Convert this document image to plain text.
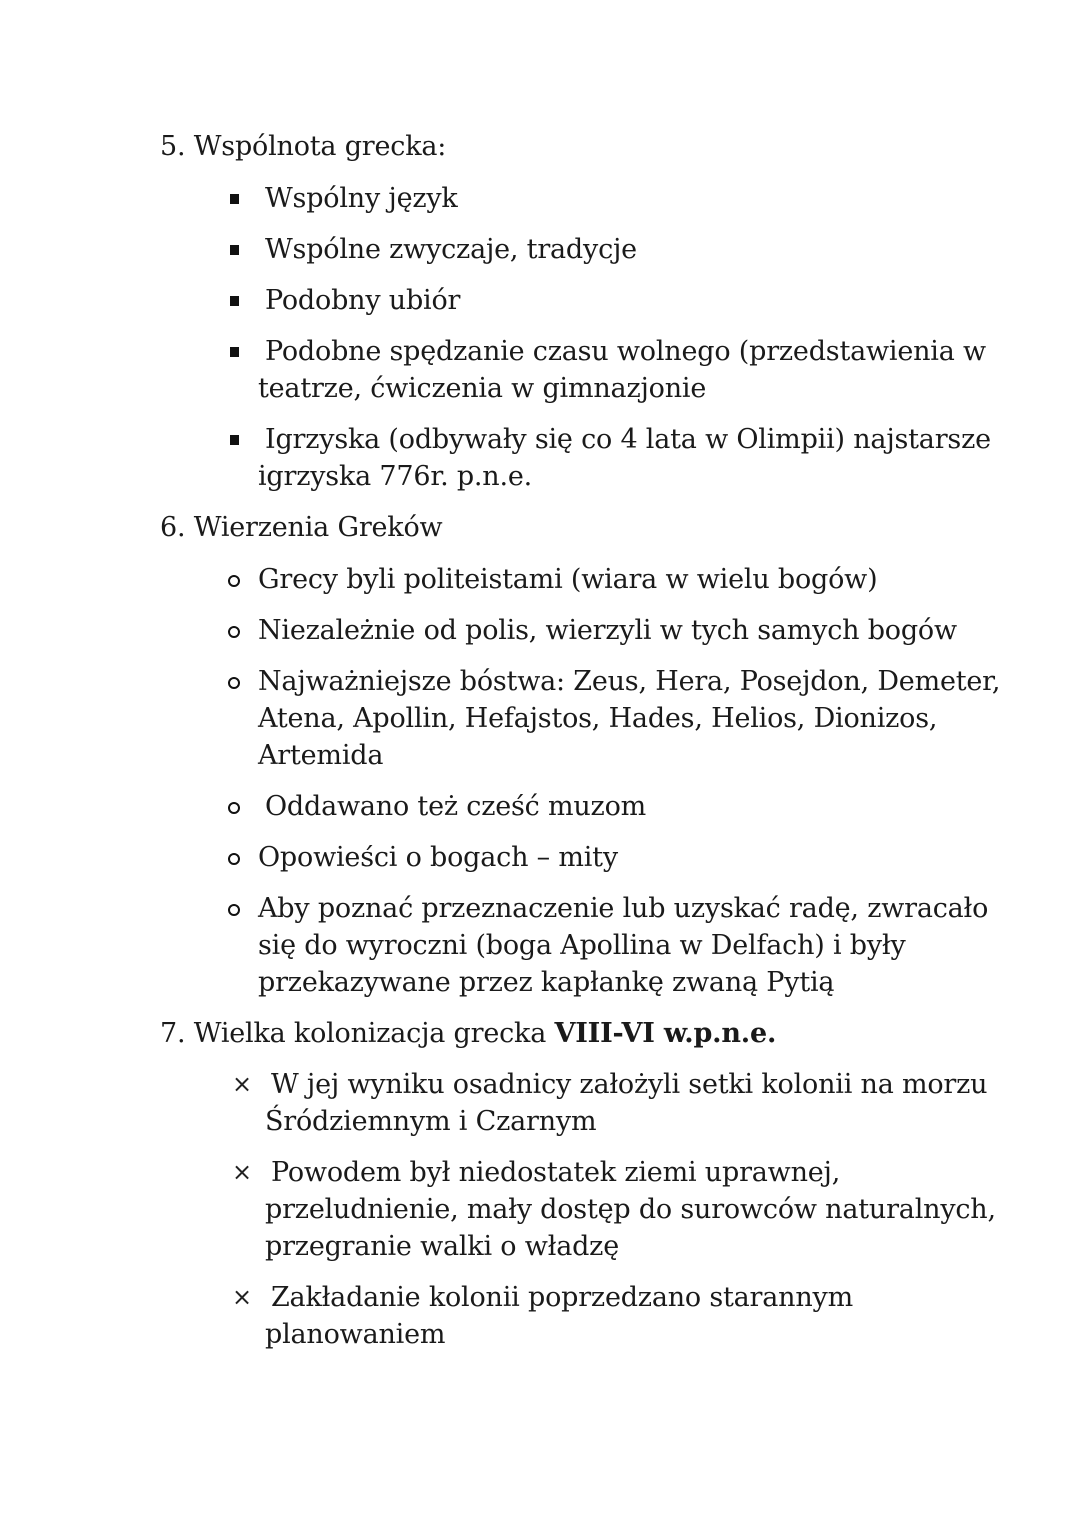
5. Wspólnota grecka:
Wspólny język
Wspólne zwyczaje, tradycje
Podobny ubiór
Podobne spędzanie czasu wolnego (przedstawienia w
teatrze, ćwiczenia w gimnazjonie
Igrzyska (odbywały się co 4 lata w Olimpii) najstarsze
igrzyska 776r. p.n.e.
6. Wierzenia Greków
Grecy byli politeistami (wiara w wielu bogów)
Niezależnie od polis, wierzyli w tych samych bogów
Najważniejsze bóstwa: Zeus, Hera, Posejdon, Demeter,
Atena, Apollin, Hefajstos, Hades, Helios, Dionizos,
Artemida
Oddawano też cześć muzom
Opowieści o bogach – mity
Aby poznać przeznaczenie lub uzyskać radę, zwracało
się do wyroczni (boga Apollina w Delfach) i były
przekazywane przez kapłankę zwaną Pytią
7. Wielka kolonizacja grecka VIII-VI w.p.n.e.
× W jej wyniku osadnicy założyli setki kolonii na morzu
Śródziemnym i Czarnym
× Powodem był niedostatek ziemi uprawnej,
przeludnienie, mały dostęp do surowców naturalnych,
przegranie walki o władzę
× Zakładanie kolonii poprzedzano starannym
planowaniem
